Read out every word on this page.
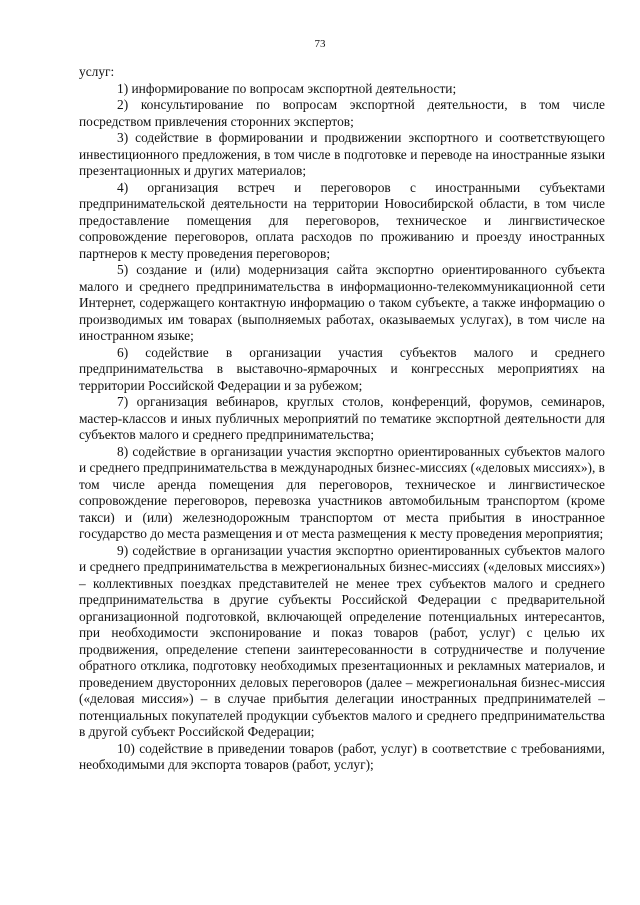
73

услуг:

1) информирование по вопросам экспортной деятельности;

2) консультирование по вопросам экспортной деятельности, в том числе посредством привлечения сторонних экспертов;

3) содействие в формировании и продвижении экспортного и соответствующего инвестиционного предложения, в том числе в подготовке и переводе на иностранные языки презентационных и других материалов;

4) организация встреч и переговоров с иностранными субъектами предпринимательской деятельности на территории Новосибирской области, в том числе предоставление помещения для переговоров, техническое и лингвистическое сопровождение переговоров, оплата расходов по проживанию и проезду иностранных партнеров к месту проведения переговоров;

5) создание и (или) модернизация сайта экспортно ориентированного субъекта малого и среднего предпринимательства в информационно-телекоммуникационной сети Интернет, содержащего контактную информацию о таком субъекте, а также информацию о производимых им товарах (выполняемых работах, оказываемых услугах), в том числе на иностранном языке;

6) содействие в организации участия субъектов малого и среднего предпринимательства в выставочно-ярмарочных и конгрессных мероприятиях на территории Российской Федерации и за рубежом;

7) организация вебинаров, круглых столов, конференций, форумов, семинаров, мастер-классов и иных публичных мероприятий по тематике экспортной деятельности для субъектов малого и среднего предпринимательства;

8) содействие в организации участия экспортно ориентированных субъектов малого и среднего предпринимательства в международных бизнес-миссиях («деловых миссиях»), в том числе аренда помещения для переговоров, техническое и лингвистическое сопровождение переговоров, перевозка участников автомобильным транспортом (кроме такси) и (или) железнодорожным транспортом от места прибытия в иностранное государство до места размещения и от места размещения к месту проведения мероприятия;

9) содействие в организации участия экспортно ориентированных субъектов малого и среднего предпринимательства в межрегиональных бизнес-миссиях («деловых миссиях») – коллективных поездках представителей не менее трех субъектов малого и среднего предпринимательства в другие субъекты Российской Федерации с предварительной организационной подготовкой, включающей определение потенциальных интересантов, при необходимости экспонирование и показ товаров (работ, услуг) с целью их продвижения, определение степени заинтересованности в сотрудничестве и получение обратного отклика, подготовку необходимых презентационных и рекламных материалов, и проведением двусторонних деловых переговоров (далее – межрегиональная бизнес-миссия («деловая миссия») – в случае прибытия делегации иностранных предпринимателей – потенциальных покупателей продукции субъектов малого и среднего предпринимательства в другой субъект Российской Федерации;

10) содействие в приведении товаров (работ, услуг) в соответствие с требованиями, необходимыми для экспорта товаров (работ, услуг);
